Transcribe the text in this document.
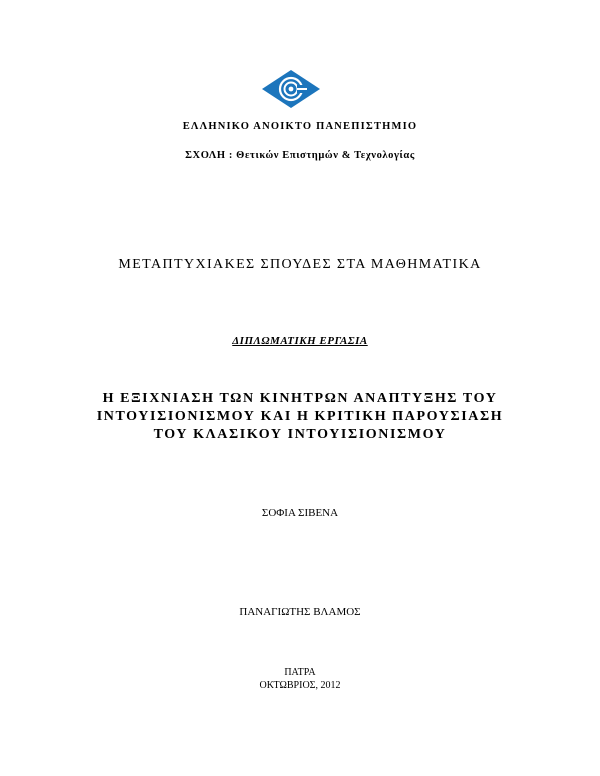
ΕΛΛΗΝΙΚΟ ΑΝΟΙΚΤΟ ΠΑΝΕΠΙΣΤΗΜΙΟ
ΣΧΟΛΗ : Θετικών Επιστημών & Τεχνολογίας
ΜΕΤΑΠΤΥΧΙΑΚΕΣ ΣΠΟΥΔΕΣ ΣΤΑ ΜΑΘΗΜΑΤΙΚΑ
ΔΙΠΛΩΜΑΤΙΚΗ ΕΡΓΑΣΙΑ
Η ΕΞΙΧΝΙΑΣΗ ΤΩΝ ΚΙΝΗΤΡΩΝ ΑΝΑΠΤΥΞΗΣ ΤΟΥ
ΙΝΤΟΥΙΣΙΟΝΙΣΜΟΥ ΚΑΙ Η ΚΡΙΤΙΚΗ ΠΑΡΟΥΣΙΑΣΗ
ΤΟΥ ΚΛΑΣΙΚΟΥ ΙΝΤΟΥΙΣΙΟΝΙΣΜΟΥ
ΣΟΦΙΑ ΣΙΒΕΝΑ
ΠΑΝΑΓΙΩΤΗΣ ΒΛΑΜΟΣ
ΠΑΤΡΑ
ΟΚΤΩΒΡΙΟΣ, 2012
